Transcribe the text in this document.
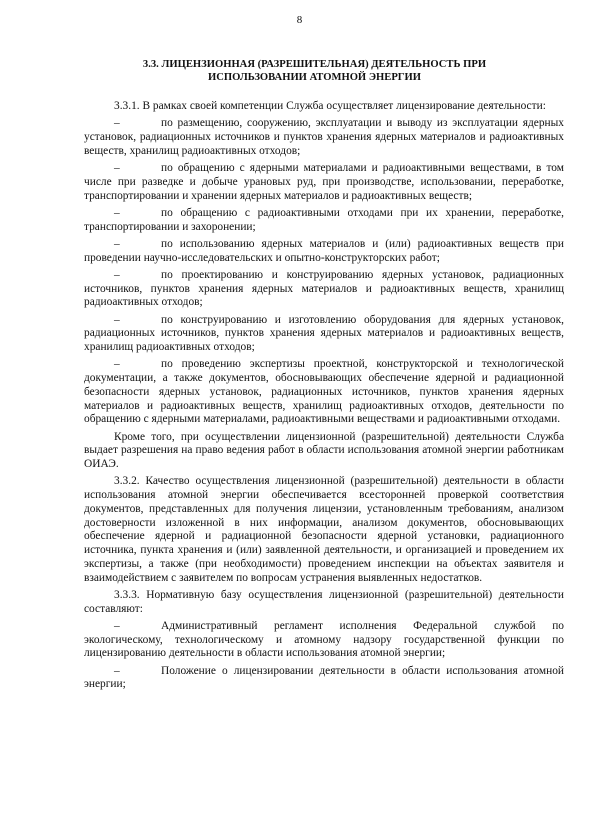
8
3.3. ЛИЦЕНЗИОННАЯ (РАЗРЕШИТЕЛЬНАЯ) ДЕЯТЕЛЬНОСТЬ ПРИ ИСПОЛЬЗОВАНИИ АТОМНОЙ ЭНЕРГИИ

3.3.1. В рамках своей компетенции Служба осуществляет лицензирование деятельности:

–	по размещению, сооружению, эксплуатации и выводу из эксплуатации ядерных установок, радиационных источников и пунктов хранения ядерных материалов и радиоактивных веществ, хранилищ радиоактивных отходов;

–	по обращению с ядерными материалами и радиоактивными веществами, в том числе при разведке и добыче урановых руд, при производстве, использовании, переработке, транспортировании и хранении ядерных материалов и радиоактивных веществ;

–	по обращению с радиоактивными отходами при их хранении, переработке, транспортировании и захоронении;

–	по использованию ядерных материалов и (или) радиоактивных веществ при проведении научно-исследовательских и опытно-конструкторских работ;

–	по проектированию и конструированию ядерных установок, радиационных источников, пунктов хранения ядерных материалов и радиоактивных веществ, хранилищ радиоактивных отходов;

–	по конструированию и изготовлению оборудования для ядерных установок, радиационных источников, пунктов хранения ядерных материалов и радиоактивных веществ, хранилищ радиоактивных отходов;

–	по проведению экспертизы проектной, конструкторской и технологической документации, а также документов, обосновывающих обеспечение ядерной и радиационной безопасности ядерных установок, радиационных источников, пунктов хранения ядерных материалов и радиоактивных веществ, хранилищ радиоактивных отходов, деятельности по обращению с ядерными материалами, радиоактивными веществами и радиоактивными отходами.

Кроме того, при осуществлении лицензионной (разрешительной) деятельности Служба выдает разрешения на право ведения работ в области использования атомной энергии работникам ОИАЭ.

3.3.2. Качество осуществления лицензионной (разрешительной) деятельности в области использования атомной энергии обеспечивается всесторонней проверкой соответствия документов, представленных для получения лицензии, установленным требованиям, анализом достоверности изложенной в них информации, анализом документов, обосновывающих обеспечение ядерной и радиационной безопасности ядерной установки, радиационного источника, пункта хранения и (или) заявленной деятельности, и организацией и проведением их экспертизы, а также (при необходимости) проведением инспекции на объектах заявителя и взаимодействием с заявителем по вопросам устранения выявленных недостатков.

3.3.3. Нормативную базу осуществления лицензионной (разрешительной) деятельности составляют:

–	Административный регламент исполнения Федеральной службой по экологическому, технологическому и атомному надзору государственной функции по лицензированию деятельности в области использования атомной энергии;

–	Положение о лицензировании деятельности в области использования атомной энергии;
